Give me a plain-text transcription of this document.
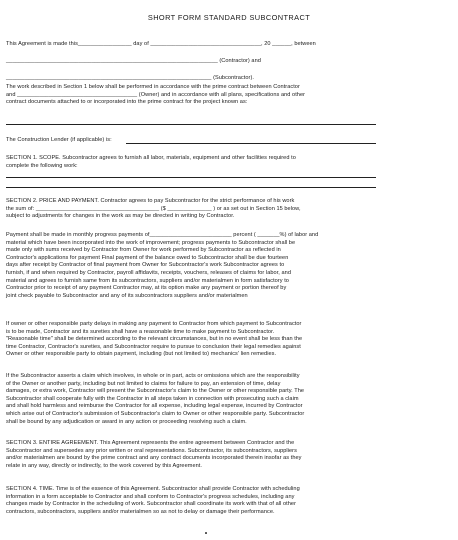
SHORT FORM STANDARD SUBCONTRACT
This Agreement is made this_________________ day of ___________________________________, 20 ______, between
___________________________________________________________________ (Contractor) and
_________________________________________________________________ (Subcontractor).

The work described in Section 1 below shall be performed in accordance with the prime contract between Contractor

and ______________________________________ (Owner) and in accordance with all plans, specifications and other

contract documents attached to or incorporated into the prime contract for the project known as:

The Construction Lender (if applicable) is:

SECTION 1. SCOPE. Subcontractor agrees to furnish all labor, materials, equipment and other facilities required to

complete the following work:

SECTION 2. PRICE AND PAYMENT. Contractor agrees to pay Subcontractor for the strict performance of his work

the sum of: _______________________________________ ($ ______________ ) or as set out in Section 15 below,

subject to adjustments for changes in the work as may be directed in writing by Contractor.

Payment shall be made in monthly progress payments of__________________________ percent ( _______%) of labor and

material which have been incorporated into the work of improvement; progress payments to Subcontractor shall be

made only with sums received by Contractor from Owner for work performed by Subcontractor as reflected in

Contractor's applications for payment Final payment of the balance owed to Subcontractor shall be due fourteen

days after receipt by Contractor of final payment from Owner for Subcontractor's work Subcontractor agrees to

furnish, if and when required by Contractor, payroll affidavits, receipts, vouchers, releases of claims for labor, and

material and agrees to furnish same from its subcontractors, suppliers and/or materialmen in form satisfactory to

Contractor prior to receipt of any payment Contractor may, at its option make any payment or portion thereof by

joint check payable to Subcontractor and any of its subcontractors suppliers and/or materialmen

If owner or other responsible party delays in making any payment to Contractor from which payment to Subcontractor

is to be made, Contractor and its sureties shall have a reasonable time to make payment to Subcontractor.

"Reasonable time" shall be determined according to the relevant circumstances, but in no event shall be less than the

time Contractor, Contractor's sureties, and Subcontractor require to pursue to conclusion their legal remedies against

Owner or other responsible party to obtain payment, including (but not limited to) mechanics' lien remedies.

If the Subcontractor asserts a claim which involves, in whole or in part, acts or omissions which are the responsibility

of the Owner or another party, including but not limited to claims for failure to pay, an extension of time, delay

damages, or extra work, Contractor will present the Subcontractor's claim to the Owner or other responsible party. The

Subcontractor shall cooperate fully with the Contractor in all steps taken in connection with prosecuting such a claim

and shall hold harmless and reimburse the Contractor for all expense, including legal expense, incurred by Contractor

which arise out of Contractor's submission of Subcontractor's claim to Owner or other responsible party. Subcontractor

shall be bound by any adjudication or award in any action or proceeding resolving such a claim.

SECTION 3. ENTIRE AGREEMENT. This Agreement represents the entire agreement between Contractor and the

Subcontractor and supersedes any prior written or oral representations. Subcontractor, its subcontractors, suppliers

and/or materialmen are bound by the prime contract and any contract documents incorporated therein insofar as they

relate in any way, directly or indirectly, to the work covered by this Agreement.

SECTION 4. TIME. Time is of the essence of this Agreement. Subcontractor shall provide Contractor with scheduling

information in a form acceptable to Contractor and shall conform to Contractor's progress schedules, including any

changes made by Contractor in the scheduling of work. Subcontractor shall coordinate its work with that of all other

contractors, subcontractors, suppliers and/or materialmen so as not to delay or damage their performance.
